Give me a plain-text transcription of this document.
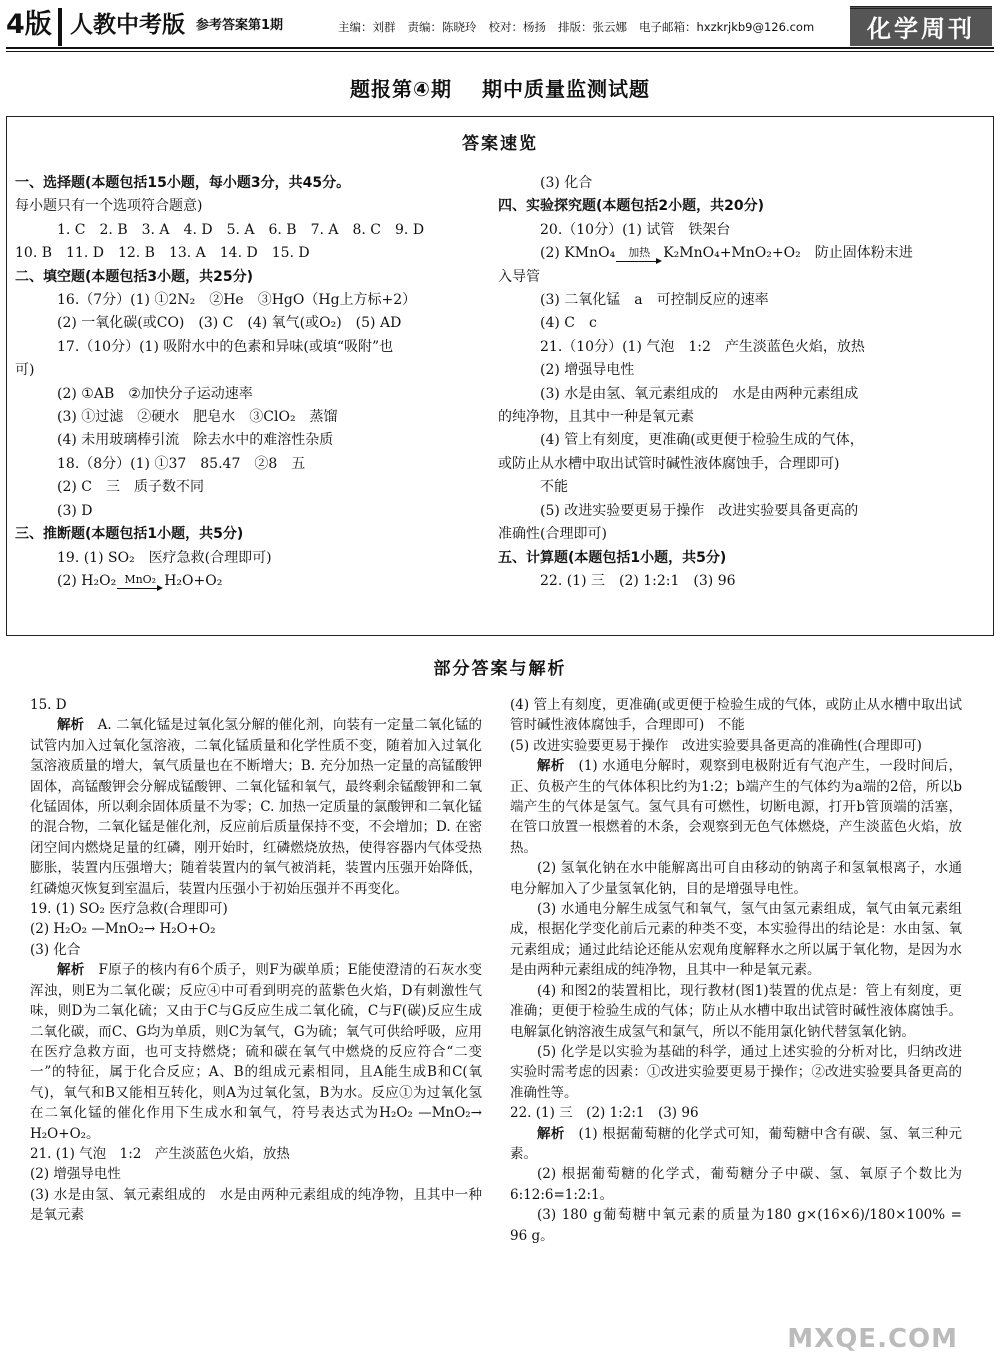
4版 人教中考版 参考答案第1期	主编：刘群 责编：陈晓玲 校对：杨扬 排版：张云娜 电子邮箱：hxzkrjkb9@126.com	化学周刊
题报第④期 期中质量监测试题
答案速览
一、选择题(本题包括15小题，每小题3分，共45分。
每小题只有一个选项符合题意)
1. C　2. B　3. A　4. D　5. A　6. B　7. A　8. C　9. D
10. B　11. D　12. B　13. A　14. D　15. D
二、填空题(本题包括3小题，共25分)
16.（7分）(1) ①2N₂　②He　③HgO（Hg上方标+2）
(2) 一氧化碳(或CO)　(3) C　(4) 氧气(或O₂)　(5) AD
17.（10分）(1) 吸附水中的色素和异味(或填“吸附”也
可)
(2) ①AB　②加快分子运动速率
(3) ①过滤　②硬水　肥皂水　③ClO₂　蒸馏
(4) 未用玻璃棒引流　除去水中的难溶性杂质
18.（8分）(1) ①37　85.47　②8　五
(2) C　三　质子数不同
(3) D
三、推断题(本题包括1小题，共5分)
19. (1) SO₂　医疗急救(合理即可)
(2) H₂O₂ MnO₂ H₂O+O₂
(3) 化合
四、实验探究题(本题包括2小题，共20分)
20.（10分）(1) 试管　铁架台
(2) KMnO₄ 加热 K₂MnO₄+MnO₂+O₂ 　防止固体粉末进
入导管
(3) 二氧化锰　a　可控制反应的速率
(4) C　c
21.（10分）(1) 气泡　1:2　产生淡蓝色火焰，放热
(2) 增强导电性
(3) 水是由氢、氧元素组成的　水是由两种元素组成
的纯净物，且其中一种是氧元素
(4) 管上有刻度，更准确(或更便于检验生成的气体，
或防止从水槽中取出试管时碱性液体腐蚀手，合理即可)
不能
(5) 改进实验要更易于操作　改进实验要具备更高的
准确性(合理即可)
五、计算题(本题包括1小题，共5分)
22. (1) 三　(2) 1:2:1　(3) 96
部分答案与解析
15. D
解析　A. 二氧化锰是过氧化氢分解的催化剂，向装有一定量二氧化锰的试管内加入过氧化氢溶液，二氧化锰质量和化学性质不变，随着加入过氧化氢溶液质量的增大，氧气质量也在不断增大；B. 充分加热一定量的高锰酸钾固体，高锰酸钾会分解成锰酸钾、二氧化锰和氧气，最终剩余锰酸钾和二氧化锰固体，所以剩余固体质量不为零；C. 加热一定质量的氯酸钾和二氧化锰的混合物，二氧化锰是催化剂，反应前后质量保持不变，不会增加；D. 在密闭空间内燃烧足量的红磷，刚开始时，红磷燃烧放热，使得容器内气体受热膨胀，装置内压强增大；随着装置内的氧气被消耗，装置内压强开始降低，红磷熄灭恢复到室温后，装置内压强小于初始压强并不再变化。
19. (1) SO₂ 医疗急救(合理即可)
(2) H₂O₂ —MnO₂→ H₂O+O₂
(3) 化合
解析　F原子的核内有6个质子，则F为碳单质；E能使澄清的石灰水变浑浊，则E为二氧化碳；反应④中可看到明亮的蓝紫色火焰，D有刺激性气味，则D为二氧化硫；又由于C与G反应生成二氧化硫，C与F(碳)反应生成二氧化碳，而C、G均为单质，则C为氧气，G为硫；氧气可供给呼吸，应用在医疗急救方面，也可支持燃烧；硫和碳在氧气中燃烧的反应符合“二变一”的特征，属于化合反应；A、B的组成元素相同，且A能生成B和C(氧气)，氧气和B又能相互转化，则A为过氧化氢，B为水。反应①为过氧化氢在二氧化锰的催化作用下生成水和氧气，符号表达式为H₂O₂ —MnO₂→ H₂O+O₂。
21. (1) 气泡　1:2　产生淡蓝色火焰，放热
(2) 增强导电性
(3) 水是由氢、氧元素组成的　水是由两种元素组成的纯净物，且其中一种是氧元素
(4) 管上有刻度，更准确(或更便于检验生成的气体，或防止从水槽中取出试管时碱性液体腐蚀手，合理即可)　不能
(5) 改进实验要更易于操作　改进实验要具备更高的准确性(合理即可)
解析　(1) 水通电分解时，观察到电极附近有气泡产生，一段时间后，正、负极产生的气体体积比约为1:2；b端产生的气体约为a端的2倍，所以b端产生的气体是氢气。氢气具有可燃性，切断电源，打开b管顶端的活塞，在管口放置一根燃着的木条，会观察到无色气体燃烧，产生淡蓝色火焰，放热。
(2) 氢氧化钠在水中能解离出可自由移动的钠离子和氢氧根离子，水通电分解加入了少量氢氧化钠，目的是增强导电性。
(3) 水通电分解生成氢气和氧气，氢气由氢元素组成，氧气由氧元素组成，根据化学变化前后元素的种类不变，本实验得出的结论是：水由氢、氧元素组成；通过此结论还能从宏观角度解释水之所以属于氧化物，是因为水是由两种元素组成的纯净物，且其中一种是氧元素。
(4) 和图2的装置相比，现行教材(图1)装置的优点是：管上有刻度，更准确；更便于检验生成的气体；防止从水槽中取出试管时碱性液体腐蚀手。电解氯化钠溶液生成氢气和氯气，所以不能用氯化钠代替氢氧化钠。
(5) 化学是以实验为基础的科学，通过上述实验的分析对比，归纳改进实验时需考虑的因素：①改进实验要更易于操作；②改进实验要具备更高的准确性等。
22. (1) 三　(2) 1:2:1　(3) 96
解析　(1) 根据葡萄糖的化学式可知，葡萄糖中含有碳、氢、氧三种元素。
(2) 根据葡萄糖的化学式，葡萄糖分子中碳、氢、氧原子个数比为6:12:6=1:2:1。
(3) 180 g葡萄糖中氧元素的质量为180 g×(16×6)/180×100% = 96 g。
MXQE.COM
